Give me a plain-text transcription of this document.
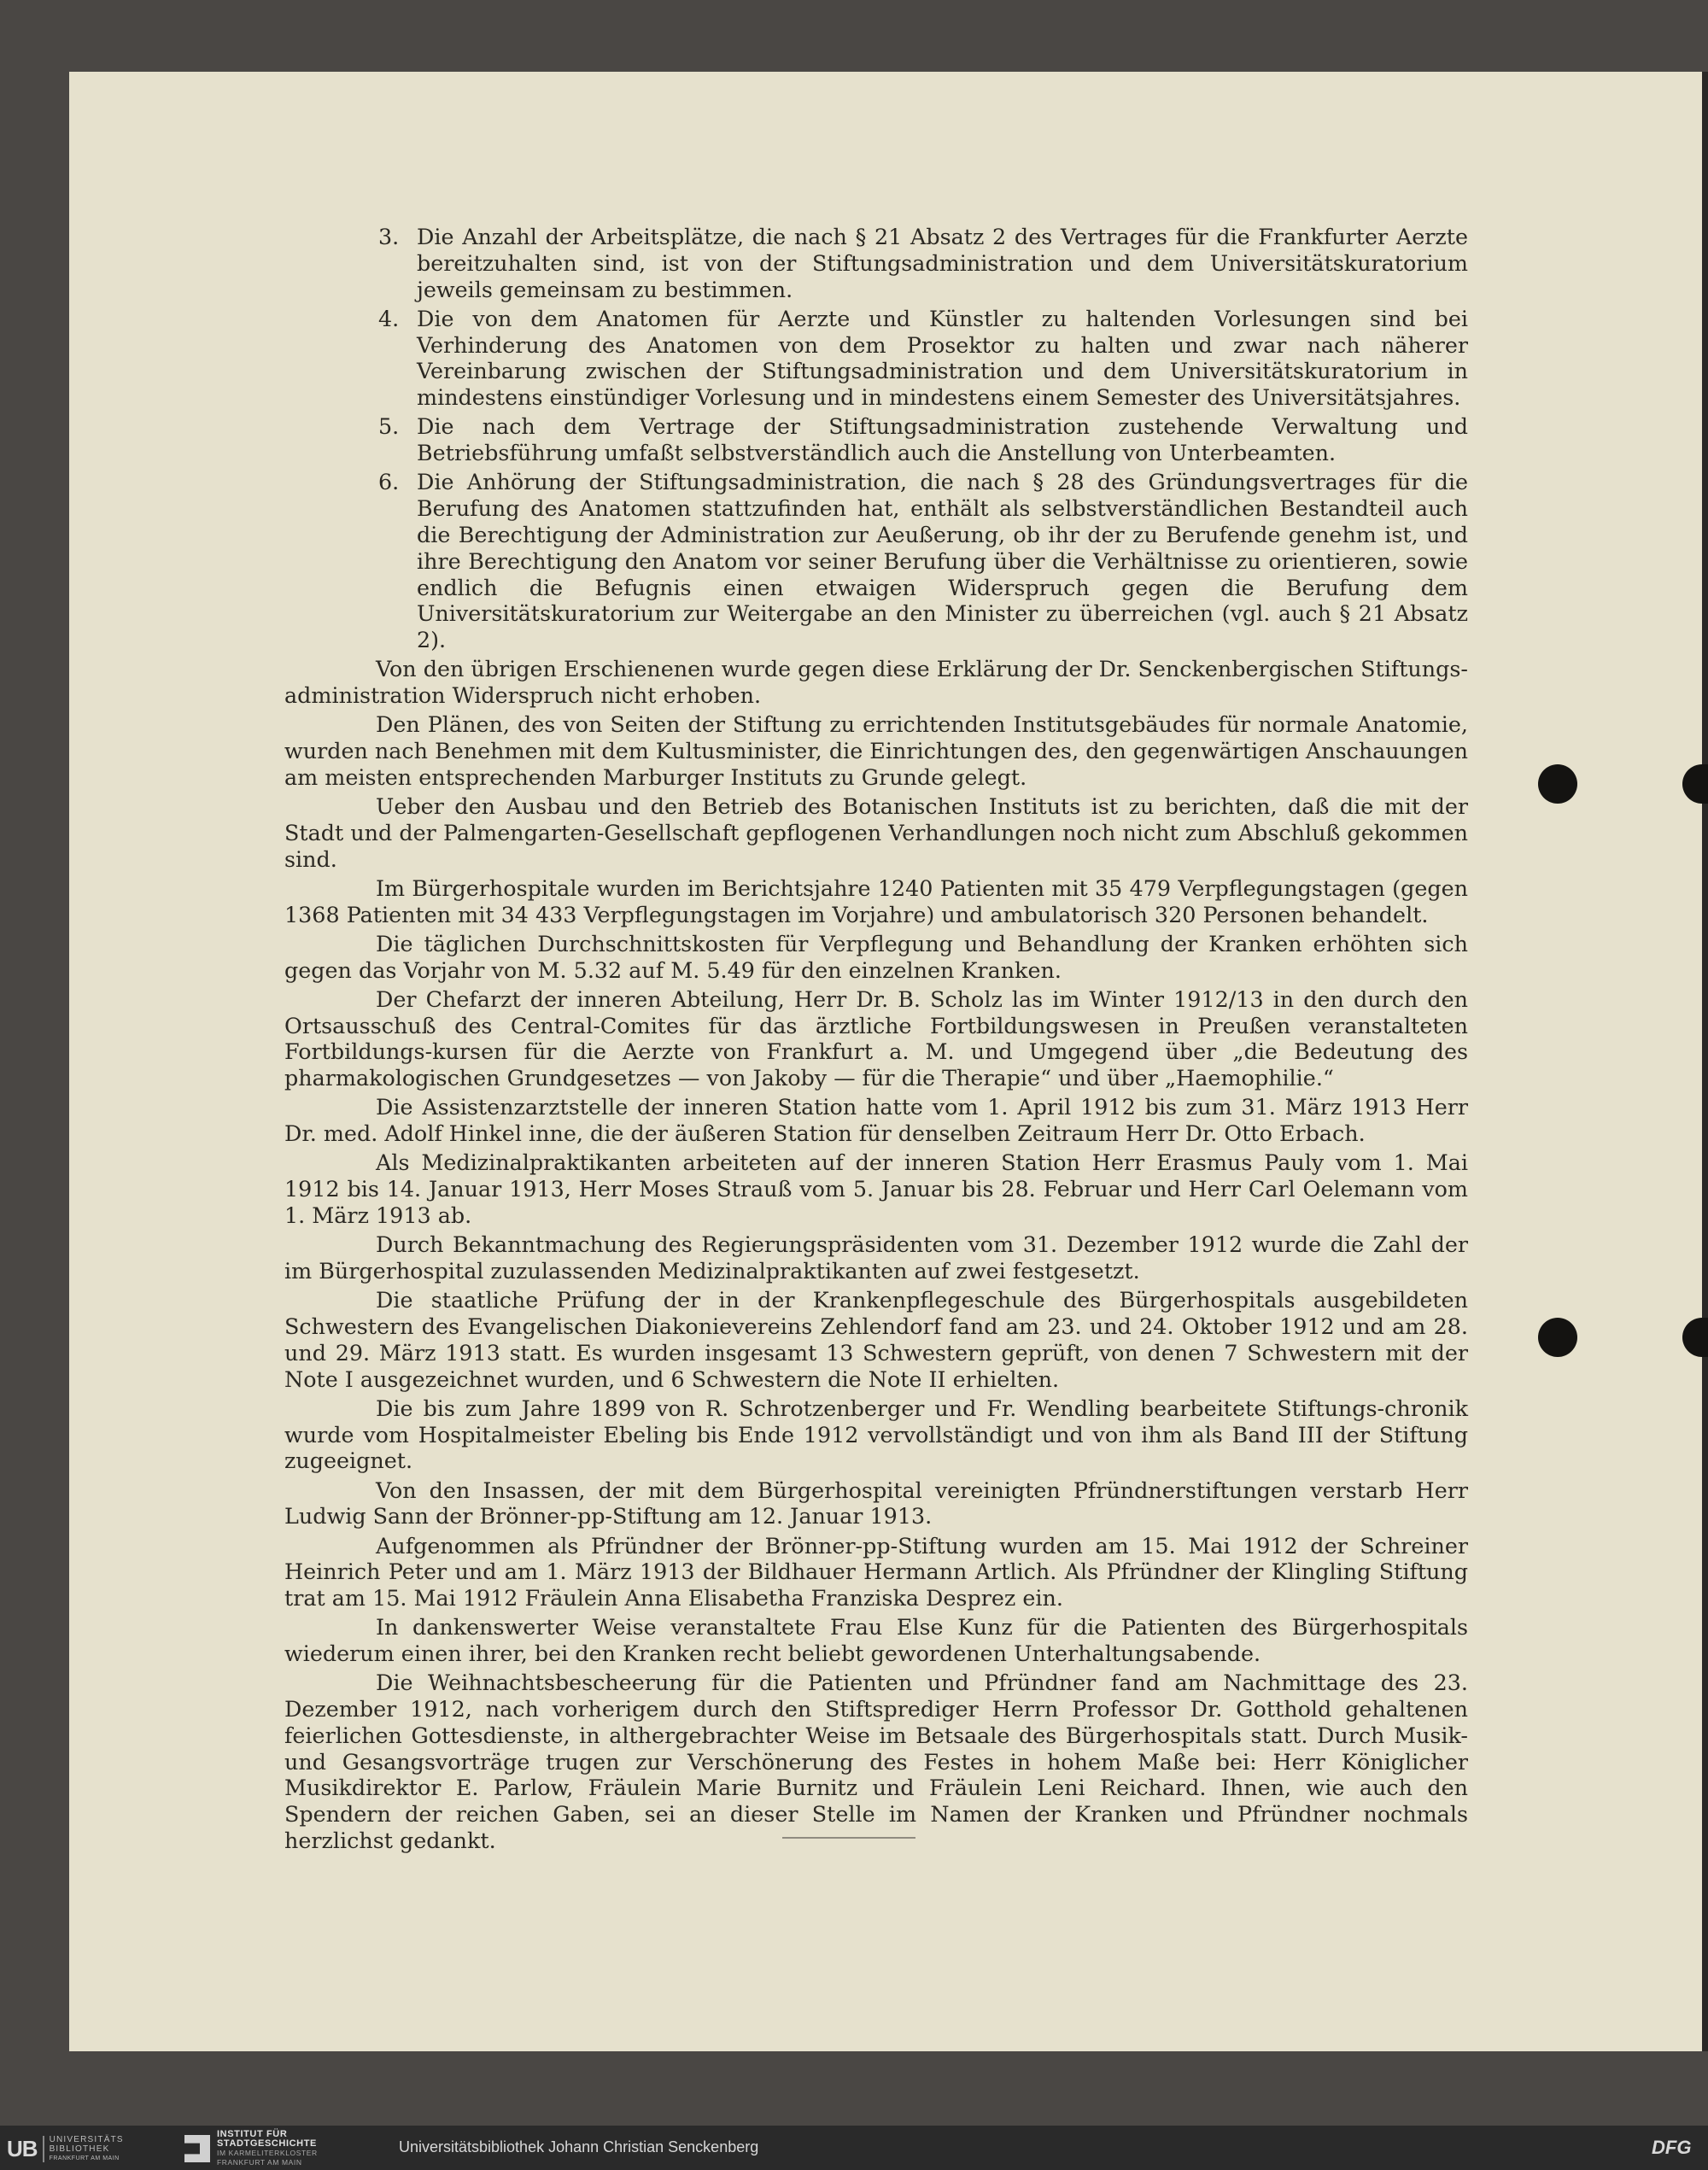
3. Die Anzahl der Arbeitsplätze, die nach § 21 Absatz 2 des Vertrages für die Frankfurter Aerzte bereitzuhalten sind, ist von der Stiftungsadministration und dem Universitätskuratorium jeweils gemeinsam zu bestimmen.
4. Die von dem Anatomen für Aerzte und Künstler zu haltenden Vorlesungen sind bei Verhinderung des Anatomen von dem Prosektor zu halten und zwar nach näherer Vereinbarung zwischen der Stiftungsadministration und dem Universitätskuratorium in mindestens einstündiger Vorlesung und in mindestens einem Semester des Universitätsjahres.
5. Die nach dem Vertrage der Stiftungsadministration zustehende Verwaltung und Betriebsführung umfaßt selbstverständlich auch die Anstellung von Unterbeamten.
6. Die Anhörung der Stiftungsadministration, die nach § 28 des Gründungsvertrages für die Berufung des Anatomen stattzufinden hat, enthält als selbstverständlichen Bestandteil auch die Berechtigung der Administration zur Aeußerung, ob ihr der zu Berufende genehm ist, und ihre Berechtigung den Anatom vor seiner Berufung über die Verhältnisse zu orientieren, sowie endlich die Befugnis einen etwaigen Widerspruch gegen die Berufung dem Universitätskuratorium zur Weitergabe an den Minister zu überreichen (vgl. auch § 21 Absatz 2).

Von den übrigen Erschienenen wurde gegen diese Erklärung der Dr. Senckenbergischen Stiftungs-administration Widerspruch nicht erhoben.

Den Plänen, des von Seiten der Stiftung zu errichtenden Institutsgebäudes für normale Anatomie, wurden nach Benehmen mit dem Kultusminister, die Einrichtungen des, den gegenwärtigen Anschauungen am meisten entsprechenden Marburger Instituts zu Grunde gelegt.

Ueber den Ausbau und den Betrieb des Botanischen Instituts ist zu berichten, daß die mit der Stadt und der Palmengarten-Gesellschaft gepflogenen Verhandlungen noch nicht zum Abschluß gekommen sind.

Im Bürgerhospitale wurden im Berichtsjahre 1240 Patienten mit 35 479 Verpflegungstagen (gegen 1368 Patienten mit 34 433 Verpflegungstagen im Vorjahre) und ambulatorisch 320 Personen behandelt.

Die täglichen Durchschnittskosten für Verpflegung und Behandlung der Kranken erhöhten sich gegen das Vorjahr von M. 5.32 auf M. 5.49 für den einzelnen Kranken.

Der Chefarzt der inneren Abteilung, Herr Dr. B. Scholz las im Winter 1912/13 in den durch den Ortsausschuß des Central-Comites für das ärztliche Fortbildungswesen in Preußen veranstalteten Fortbildungs-kursen für die Aerzte von Frankfurt a. M. und Umgegend über „die Bedeutung des pharmakologischen Grundgesetzes — von Jakoby — für die Therapie“ und über „Haemophilie.“

Die Assistenzarztstelle der inneren Station hatte vom 1. April 1912 bis zum 31. März 1913 Herr Dr. med. Adolf Hinkel inne, die der äußeren Station für denselben Zeitraum Herr Dr. Otto Erbach.

Als Medizinalpraktikanten arbeiteten auf der inneren Station Herr Erasmus Pauly vom 1. Mai 1912 bis 14. Januar 1913, Herr Moses Strauß vom 5. Januar bis 28. Februar und Herr Carl Oelemann vom 1. März 1913 ab.

Durch Bekanntmachung des Regierungspräsidenten vom 31. Dezember 1912 wurde die Zahl der im Bürgerhospital zuzulassenden Medizinalpraktikanten auf zwei festgesetzt.

Die staatliche Prüfung der in der Krankenpflegeschule des Bürgerhospitals ausgebildeten Schwestern des Evangelischen Diakonievereins Zehlendorf fand am 23. und 24. Oktober 1912 und am 28. und 29. März 1913 statt. Es wurden insgesamt 13 Schwestern geprüft, von denen 7 Schwestern mit der Note I ausgezeichnet wurden, und 6 Schwestern die Note II erhielten.

Die bis zum Jahre 1899 von R. Schrotzenberger und Fr. Wendling bearbeitete Stiftungs-chronik wurde vom Hospitalmeister Ebeling bis Ende 1912 vervollständigt und von ihm als Band III der Stiftung zugeeignet.

Von den Insassen, der mit dem Bürgerhospital vereinigten Pfründnerstiftungen verstarb Herr Ludwig Sann der Brönner-pp-Stiftung am 12. Januar 1913.

Aufgenommen als Pfründner der Brönner-pp-Stiftung wurden am 15. Mai 1912 der Schreiner Heinrich Peter und am 1. März 1913 der Bildhauer Hermann Artlich. Als Pfründner der Klingling Stiftung trat am 15. Mai 1912 Fräulein Anna Elisabetha Franziska Desprez ein.

In dankenswerter Weise veranstaltete Frau Else Kunz für die Patienten des Bürgerhospitals wiederum einen ihrer, bei den Kranken recht beliebt gewordenen Unterhaltungsabende.

Die Weihnachtsbescheerung für die Patienten und Pfründner fand am Nachmittage des 23. Dezember 1912, nach vorherigem durch den Stiftsprediger Herrn Professor Dr. Gotthold gehaltenen feierlichen Gottesdienste, in althergebrachter Weise im Betsaale des Bürgerhospitals statt. Durch Musik- und Gesangsvorträge trugen zur Verschönerung des Festes in hohem Maße bei: Herr Königlicher Musikdirektor E. Parlow, Fräulein Marie Burnitz und Fräulein Leni Reichard. Ihnen, wie auch den Spendern der reichen Gaben, sei an dieser Stelle im Namen der Kranken und Pfründner nochmals herzlichst gedankt.

UB	UNIVERSITÄTS
BIBLIOTHEK
FRANKFURT AM MAIN
INSTITUT FÜR
STADTGESCHICHTE
IM KARMELITERKLOSTER
FRANKFURT AM MAIN
Universitätsbibliothek Johann Christian Senckenberg	DFG
